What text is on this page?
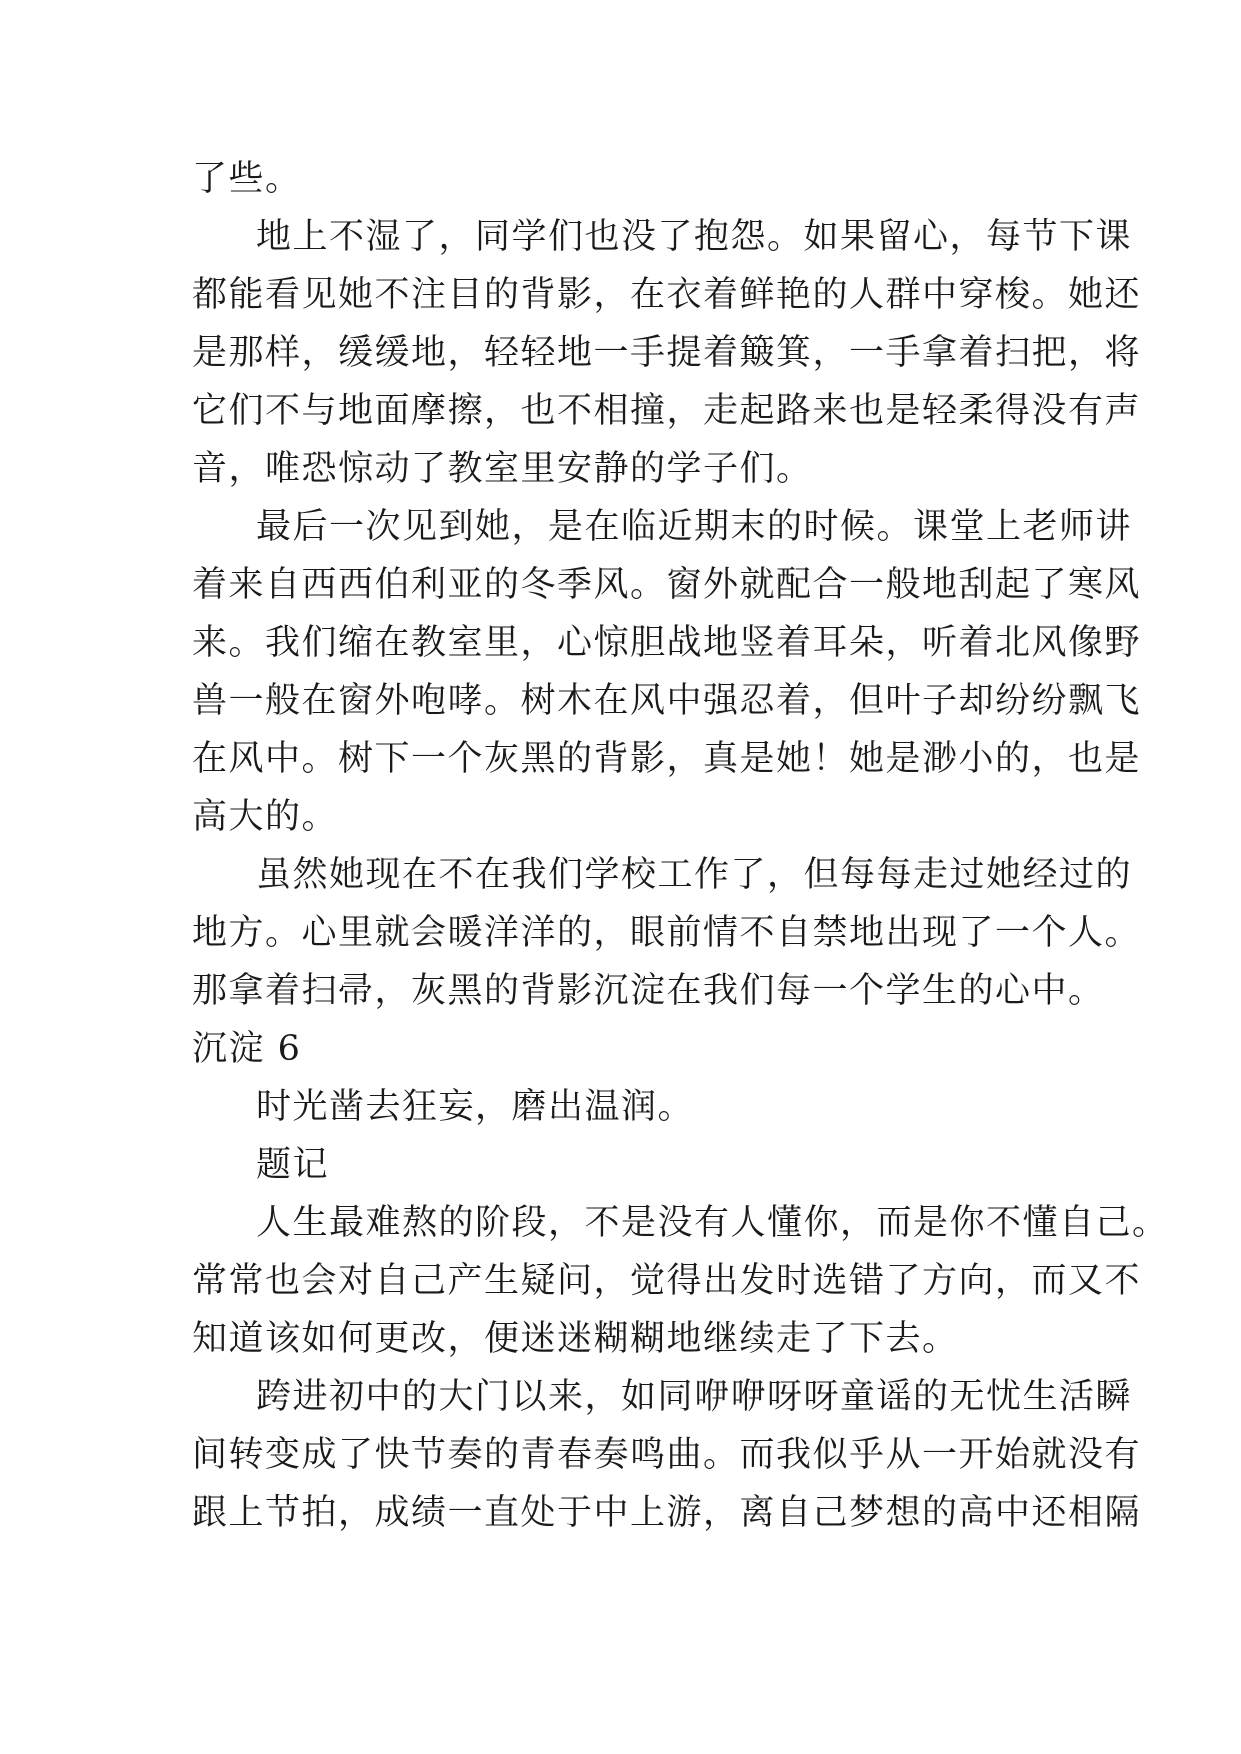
了些。
地上不湿了，同学们也没了抱怨。如果留心，每节下课
都能看见她不注目的背影，在衣着鲜艳的人群中穿梭。她还
是那样，缓缓地，轻轻地一手提着簸箕，一手拿着扫把，将
它们不与地面摩擦，也不相撞，走起路来也是轻柔得没有声
音，唯恐惊动了教室里安静的学子们。
最后一次见到她，是在临近期末的时候。课堂上老师讲
着来自西西伯利亚的冬季风。窗外就配合一般地刮起了寒风
来。我们缩在教室里，心惊胆战地竖着耳朵，听着北风像野
兽一般在窗外咆哮。树木在风中强忍着，但叶子却纷纷飘飞
在风中。树下一个灰黑的背影，真是她！她是渺小的，也是
高大的。
虽然她现在不在我们学校工作了，但每每走过她经过的
地方。心里就会暖洋洋的，眼前情不自禁地出现了一个人。
那拿着扫帚，灰黑的背影沉淀在我们每一个学生的心中。
沉淀 6
时光凿去狂妄，磨出温润。
题记
人生最难熬的阶段，不是没有人懂你，而是你不懂自己。
常常也会对自己产生疑问，觉得出发时选错了方向，而又不
知道该如何更改，便迷迷糊糊地继续走了下去。
跨进初中的大门以来，如同咿咿呀呀童谣的无忧生活瞬
间转变成了快节奏的青春奏鸣曲。而我似乎从一开始就没有
跟上节拍，成绩一直处于中上游，离自己梦想的高中还相隔
